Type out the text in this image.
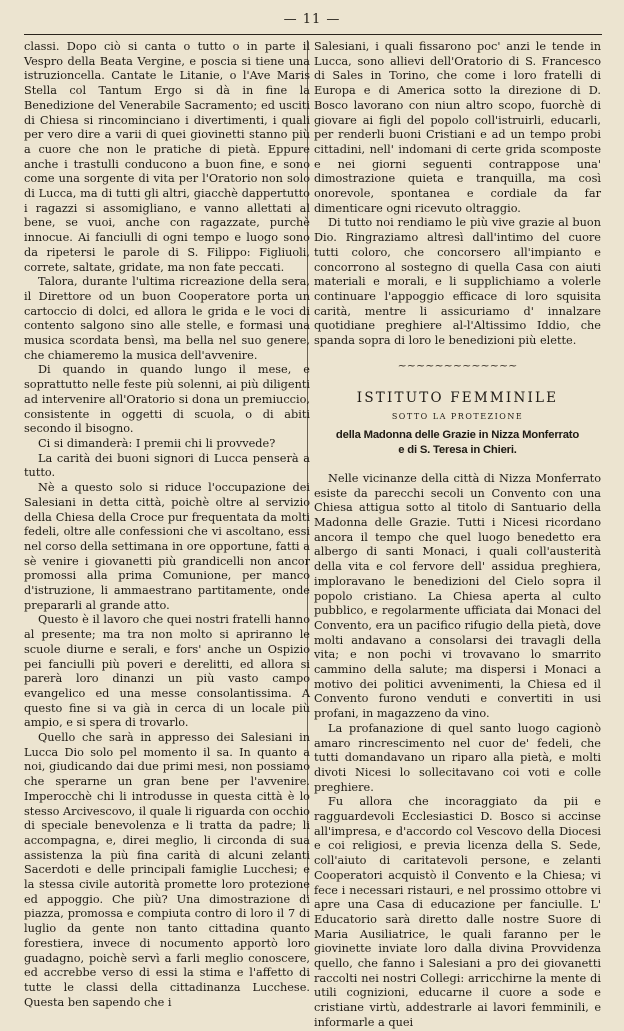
— 11 —

classi. Dopo ciò si canta o tutto o in parte il Vespro della Beata Vergine, e poscia si tiene una istruzioncella. Cantate le Litanie, o l'Ave Maris Stella col Tantum Ergo si dà in fine la Benedizione del Venerabile Sacramento; ed usciti di Chiesa si rincominciano i divertimenti, i quali per vero dire a varii di quei giovinetti stanno più a cuore che non le pratiche di pietà. Eppure anche i trastulli conducono a buon fine, e sono come una sorgente di vita per l'Oratorio non solo di Lucca, ma di tutti gli altri, giacchè dappertutto i ragazzi si assomigliano, e vanno allettati al bene, se vuoi, anche con ragazzate, purchè innocue. Ai fanciulli di ogni tempo e luogo sono da ripetersi le parole di S. Filippo: Figliuoli, correte, saltate, gridate, ma non fate peccati.

Talora, durante l'ultima ricreazione della sera, il Direttore od un buon Cooperatore porta un cartoccio di dolci, ed allora le grida e le voci di contento salgono sino alle stelle, e formasi una musica scordata bensì, ma bella nel suo genere, che chiameremo la musica dell'avvenire.

Di quando in quando lungo il mese, e soprattutto nelle feste più solenni, ai più diligenti ad intervenire all'Oratorio si dona un premiuccio, consistente in oggetti di scuola, o di abiti secondo il bisogno.

Ci si dimanderà: I premii chi li provvede?

La carità dei buoni signori di Lucca penserà a tutto.

Nè a questo solo si riduce l'occupazione dei Salesiani in detta città, poichè oltre al servizio della Chiesa della Croce pur frequentata da molti fedeli, oltre alle confessioni che vi ascoltano, essi nel corso della settimana in ore opportune, fatti a sè venire i giovanetti più grandicelli non ancor promossi alla prima Comunione, per manco d'istruzione, li ammaestrano partitamente, onde prepararli al grande atto.

Questo è il lavoro che quei nostri fratelli hanno al presente; ma tra non molto si apriranno le scuole diurne e serali, e fors' anche un Ospizio pei fanciulli più poveri e derelitti, ed allora si parerà loro dinanzi un più vasto campo evangelico ed una messe consolantissima. A questo fine si va già in cerca di un locale più ampio, e si spera di trovarlo.

Quello che sarà in appresso dei Salesiani in Lucca Dio solo pel momento il sa. In quanto a noi, giudicando dai due primi mesi, non possiamo che sperarne un gran bene per l'avvenire. Imperocchè chi li introdusse in questa città è lo stesso Arcivescovo, il quale li riguarda con occhio di speciale benevolenza e li tratta da padre; li accompagna, e, direi meglio, li circonda di sua assistenza la più fina carità di alcuni zelanti Sacerdoti e delle principali famiglie Lucchesi; e la stessa civile autorità promette loro protezione ed appoggio. Che più? Una dimostrazione di piazza, promossa e compiuta contro di loro il 7 di luglio da gente non tanto cittadina quanto forestiera, invece di nocumento apportò loro guadagno, poichè servì a farli meglio conoscere, ed accrebbe verso di essi la stima e l'affetto di tutte le classi della cittadinanza Lucchese. Questa ben sapendo che i

Salesiani, i quali fissarono poc' anzi le tende in Lucca, sono allievi dell'Oratorio di S. Francesco di Sales in Torino, che come i loro fratelli di Europa e di America sotto la direzione di D. Bosco lavorano con niun altro scopo, fuorchè di giovare ai figli del popolo coll'istruirli, educarli, per renderli buoni Cristiani e ad un tempo probi cittadini, nell' indomani di certe grida scomposte e nei giorni seguenti contrappose una' dimostrazione quieta e tranquilla, ma così onorevole, spontanea e cordiale da far dimenticare ogni ricevuto oltraggio.

Di tutto noi rendiamo le più vive grazie al buon Dio. Ringraziamo altresì dall'intimo del cuore tutti coloro, che concorsero all'impianto e concorrono al sostegno di quella Casa con aiuti materiali e morali, e li supplichiamo a volerle continuare l'appoggio efficace di loro squisita carità, mentre li assicuriamo d' innalzare quotidiane preghiere al-l'Altissimo Iddio, che spanda sopra di loro le benedizioni più elette.

~~~~~~~~~~~~~
ISTITUTO FEMMINILE
SOTTO LA PROTEZIONE
della Madonna delle Grazie in Nizza Monferrato
e di S. Teresa in Chieri.

Nelle vicinanze della città di Nizza Monferrato esiste da parecchi secoli un Convento con una Chiesa attigua sotto al titolo di Santuario della Madonna delle Grazie. Tutti i Nicesi ricordano ancora il tempo che quel luogo benedetto era albergo di santi Monaci, i quali coll'austerità della vita e col fervore dell' assidua preghiera, imploravano le benedizioni del Cielo sopra il popolo cristiano. La Chiesa aperta al culto pubblico, e regolarmente ufficiata dai Monaci del Convento, era un pacifico rifugio della pietà, dove molti andavano a consolarsi dei travagli della vita; e non pochi vi trovavano lo smarrito cammino della salute; ma dispersi i Monaci a motivo dei politici avvenimenti, la Chiesa ed il Convento furono venduti e convertiti in usi profani, in magazzeno da vino.

La profanazione di quel santo luogo cagionò amaro rincrescimento nel cuor de' fedeli, che tutti domandavano un riparo alla pietà, e molti divoti Nicesi lo sollecitavano coi voti e colle preghiere.

Fu allora che incoraggiato da pii e ragguardevoli Ecclesiastici D. Bosco si accinse all'impresa, e d'accordo col Vescovo della Diocesi e coi religiosi, e previa licenza della S. Sede, coll'aiuto di caritatevoli persone, e zelanti Cooperatori acquistò il Convento e la Chiesa; vi fece i necessari ristauri, e nel prossimo ottobre vi apre una Casa di educazione per fanciulle. L' Educatorio sarà diretto dalle nostre Suore di Maria Ausiliatrice, le quali faranno per le giovinette inviate loro dalla divina Provvidenza quello, che fanno i Salesiani a pro dei giovanetti raccolti nei nostri Collegi: arricchirne la mente di utili cognizioni, educarne il cuore a sode e cristiane virtù, addestrarle ai lavori femminili, e informarle a quei
